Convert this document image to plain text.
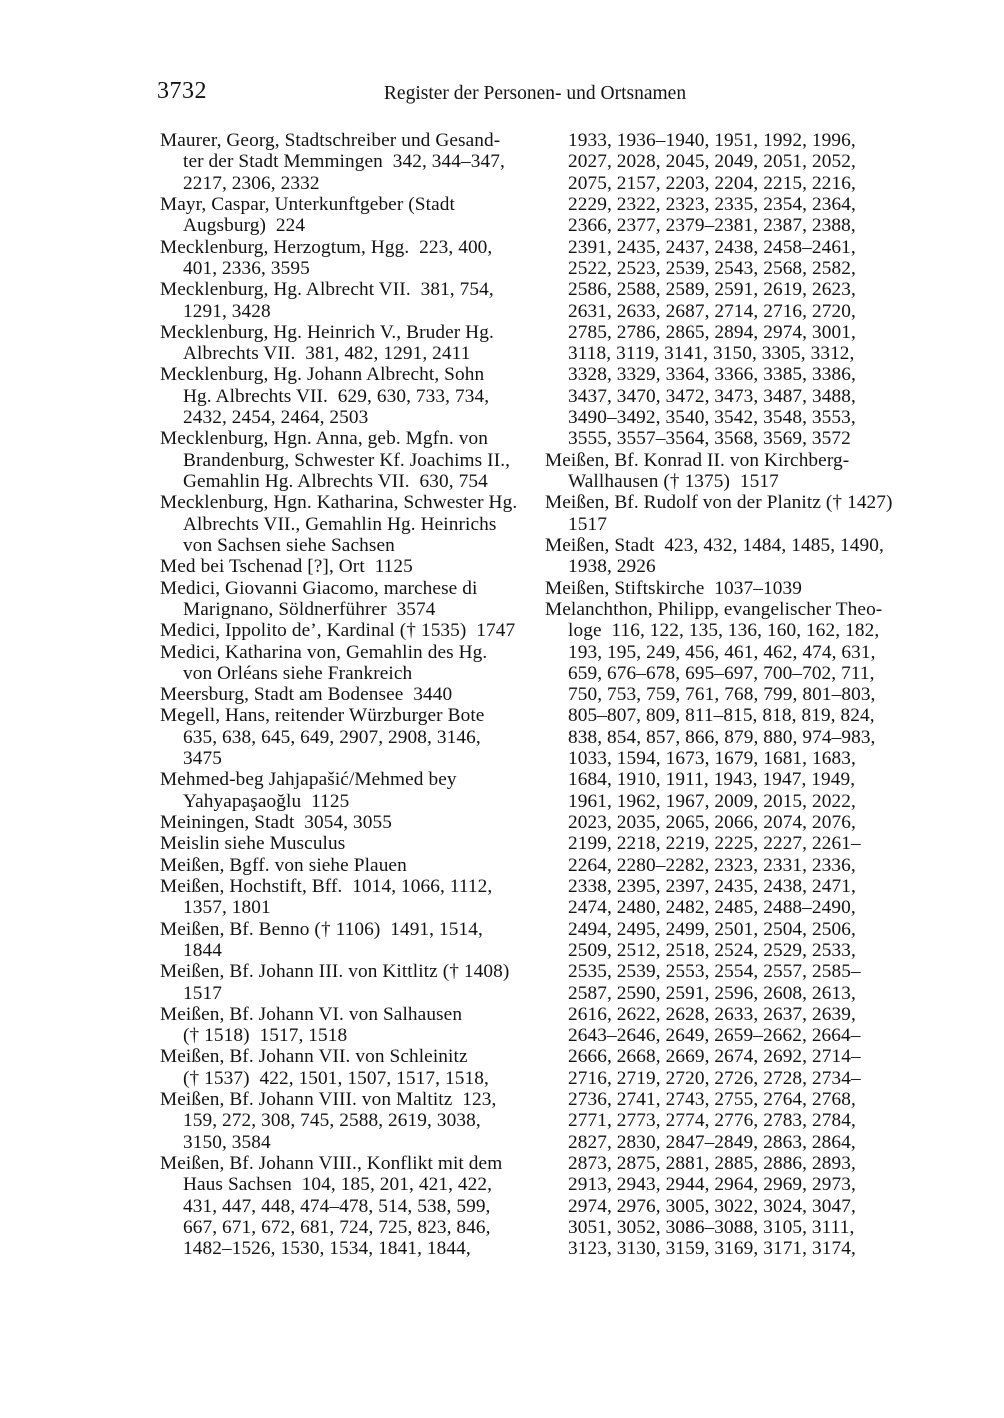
3732	Register der Personen- und Ortsnamen
Maurer, Georg, Stadtschreiber und Gesand-
ter der Stadt Memmingen  342, 344–347,
2217, 2306, 2332
Mayr, Caspar, Unterkunftgeber (Stadt
Augsburg)  224
Mecklenburg, Herzogtum, Hgg.  223, 400,
401, 2336, 3595
Mecklenburg, Hg. Albrecht VII.  381, 754,
1291, 3428
Mecklenburg, Hg. Heinrich V., Bruder Hg.
Albrechts VII.  381, 482, 1291, 2411
Mecklenburg, Hg. Johann Albrecht, Sohn
Hg. Albrechts VII.  629, 630, 733, 734,
2432, 2454, 2464, 2503
Mecklenburg, Hgn. Anna, geb. Mgfn. von
Brandenburg, Schwester Kf. Joachims II.,
Gemahlin Hg. Albrechts VII.  630, 754
Mecklenburg, Hgn. Katharina, Schwester Hg.
Albrechts VII., Gemahlin Hg. Heinrichs
von Sachsen siehe Sachsen
Med bei Tschenad [?], Ort  1125
Medici, Giovanni Giacomo, marchese di
Marignano, Söldnerführer  3574
Medici, Ippolito de’, Kardinal († 1535)  1747
Medici, Katharina von, Gemahlin des Hg.
von Orléans siehe Frankreich
Meersburg, Stadt am Bodensee  3440
Megell, Hans, reitender Würzburger Bote
635, 638, 645, 649, 2907, 2908, 3146,
3475
Mehmed-beg Jahjapašić/Mehmed bey
Yahyapaşaoğlu  1125
Meiningen, Stadt  3054, 3055
Meislin siehe Musculus
Meißen, Bgff. von siehe Plauen
Meißen, Hochstift, Bff.  1014, 1066, 1112,
1357, 1801
Meißen, Bf. Benno († 1106)  1491, 1514,
1844
Meißen, Bf. Johann III. von Kittlitz († 1408)
1517
Meißen, Bf. Johann VI. von Salhausen
(† 1518)  1517, 1518
Meißen, Bf. Johann VII. von Schleinitz
(† 1537)  422, 1501, 1507, 1517, 1518,
Meißen, Bf. Johann VIII. von Maltitz  123,
159, 272, 308, 745, 2588, 2619, 3038,
3150, 3584
Meißen, Bf. Johann VIII., Konflikt mit dem
Haus Sachsen  104, 185, 201, 421, 422,
431, 447, 448, 474–478, 514, 538, 599,
667, 671, 672, 681, 724, 725, 823, 846,
1482–1526, 1530, 1534, 1841, 1844,
1933, 1936–1940, 1951, 1992, 1996,
2027, 2028, 2045, 2049, 2051, 2052,
2075, 2157, 2203, 2204, 2215, 2216,
2229, 2322, 2323, 2335, 2354, 2364,
2366, 2377, 2379–2381, 2387, 2388,
2391, 2435, 2437, 2438, 2458–2461,
2522, 2523, 2539, 2543, 2568, 2582,
2586, 2588, 2589, 2591, 2619, 2623,
2631, 2633, 2687, 2714, 2716, 2720,
2785, 2786, 2865, 2894, 2974, 3001,
3118, 3119, 3141, 3150, 3305, 3312,
3328, 3329, 3364, 3366, 3385, 3386,
3437, 3470, 3472, 3473, 3487, 3488,
3490–3492, 3540, 3542, 3548, 3553,
3555, 3557–3564, 3568, 3569, 3572
Meißen, Bf. Konrad II. von Kirchberg-
Wallhausen († 1375)  1517
Meißen, Bf. Rudolf von der Planitz († 1427)
1517
Meißen, Stadt  423, 432, 1484, 1485, 1490,
1938, 2926
Meißen, Stiftskirche  1037–1039
Melanchthon, Philipp, evangelischer Theo-
loge  116, 122, 135, 136, 160, 162, 182,
193, 195, 249, 456, 461, 462, 474, 631,
659, 676–678, 695–697, 700–702, 711,
750, 753, 759, 761, 768, 799, 801–803,
805–807, 809, 811–815, 818, 819, 824,
838, 854, 857, 866, 879, 880, 974–983,
1033, 1594, 1673, 1679, 1681, 1683,
1684, 1910, 1911, 1943, 1947, 1949,
1961, 1962, 1967, 2009, 2015, 2022,
2023, 2035, 2065, 2066, 2074, 2076,
2199, 2218, 2219, 2225, 2227, 2261–
2264, 2280–2282, 2323, 2331, 2336,
2338, 2395, 2397, 2435, 2438, 2471,
2474, 2480, 2482, 2485, 2488–2490,
2494, 2495, 2499, 2501, 2504, 2506,
2509, 2512, 2518, 2524, 2529, 2533,
2535, 2539, 2553, 2554, 2557, 2585–
2587, 2590, 2591, 2596, 2608, 2613,
2616, 2622, 2628, 2633, 2637, 2639,
2643–2646, 2649, 2659–2662, 2664–
2666, 2668, 2669, 2674, 2692, 2714–
2716, 2719, 2720, 2726, 2728, 2734–
2736, 2741, 2743, 2755, 2764, 2768,
2771, 2773, 2774, 2776, 2783, 2784,
2827, 2830, 2847–2849, 2863, 2864,
2873, 2875, 2881, 2885, 2886, 2893,
2913, 2943, 2944, 2964, 2969, 2973,
2974, 2976, 3005, 3022, 3024, 3047,
3051, 3052, 3086–3088, 3105, 3111,
3123, 3130, 3159, 3169, 3171, 3174,
